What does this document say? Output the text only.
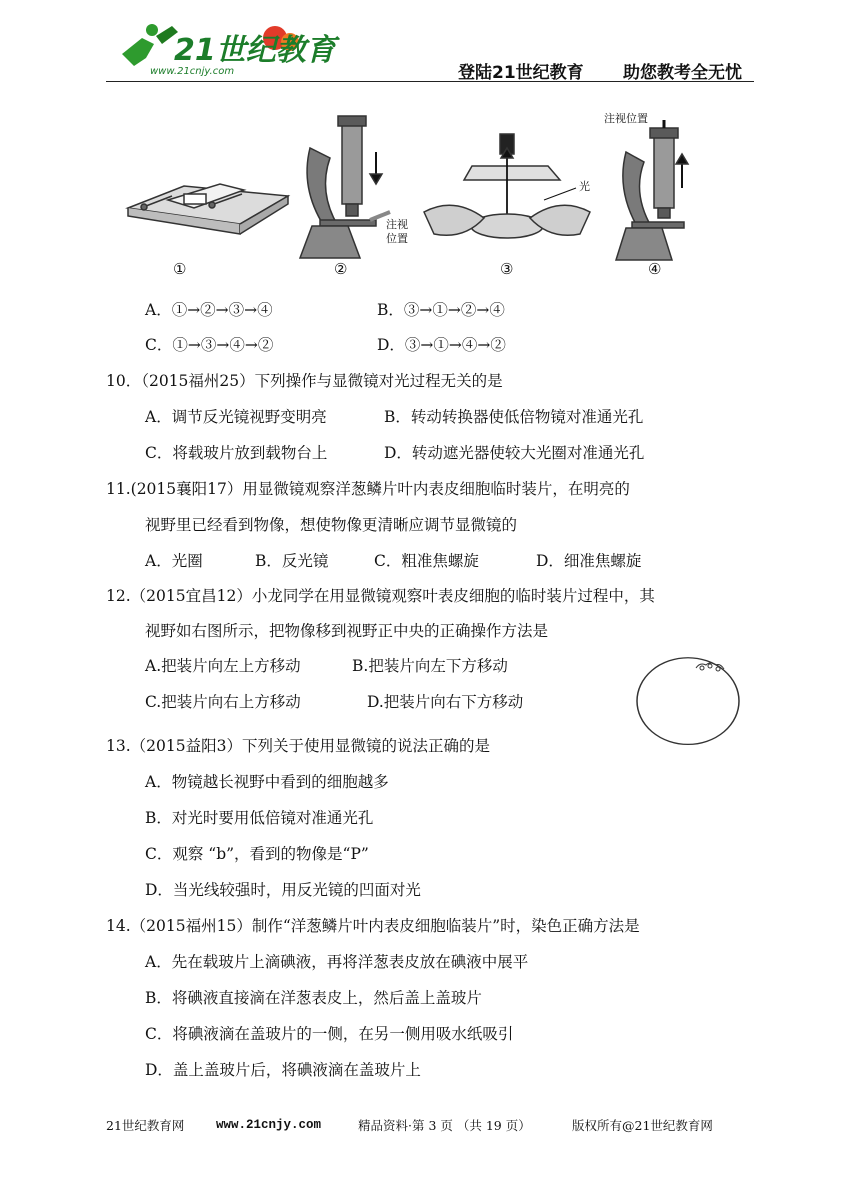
21世纪教育
www.21cnjy.com	登陆21世纪教育 助您教考全无忧
①
注视
位置
②
光
③
注视位置
④
A．①→②→③→④	B．③→①→②→④
C．①→③→④→②	D．③→①→④→②
10．（2015福州25）下列操作与显微镜对光过程无关的是
A．调节反光镜视野变明亮	B．转动转换器使低倍物镜对准通光孔
C．将载玻片放到载物台上	D．转动遮光器使较大光圈对准通光孔
11.(2015襄阳17）用显微镜观察洋葱鳞片叶内表皮细胞临时装片，在明亮的
视野里已经看到物像，想使物像更清晰应调节显微镜的
A．光圈	B．反光镜	C．粗准焦螺旋	D．细准焦螺旋
12.（2015宜昌12）小龙同学在用显微镜观察叶表皮细胞的临时装片过程中，其
视野如右图所示，把物像移到视野正中央的正确操作方法是
A.把装片向左上方移动	B.把装片向左下方移动
C.把装片向右上方移动	D.把装片向右下方移动
13.（2015益阳3）下列关于使用显微镜的说法正确的是
A．物镜越长视野中看到的细胞越多
B．对光时要用低倍镜对准通光孔
C．观察 “b”，看到的物像是“P”
D．当光线较强时，用反光镜的凹面对光
14.（2015福州15）制作“洋葱鳞片叶内表皮细胞临装片”时，染色正确方法是
A．先在载玻片上滴碘液，再将洋葱表皮放在碘液中展平
B．将碘液直接滴在洋葱表皮上，然后盖上盖玻片
C．将碘液滴在盖玻片的一侧，在另一侧用吸水纸吸引
D．盖上盖玻片后，将碘液滴在盖玻片上
21世纪教育网	www.21cnjy.com	精品资料·第 3 页 （共 19 页）	版权所有@21世纪教育网
